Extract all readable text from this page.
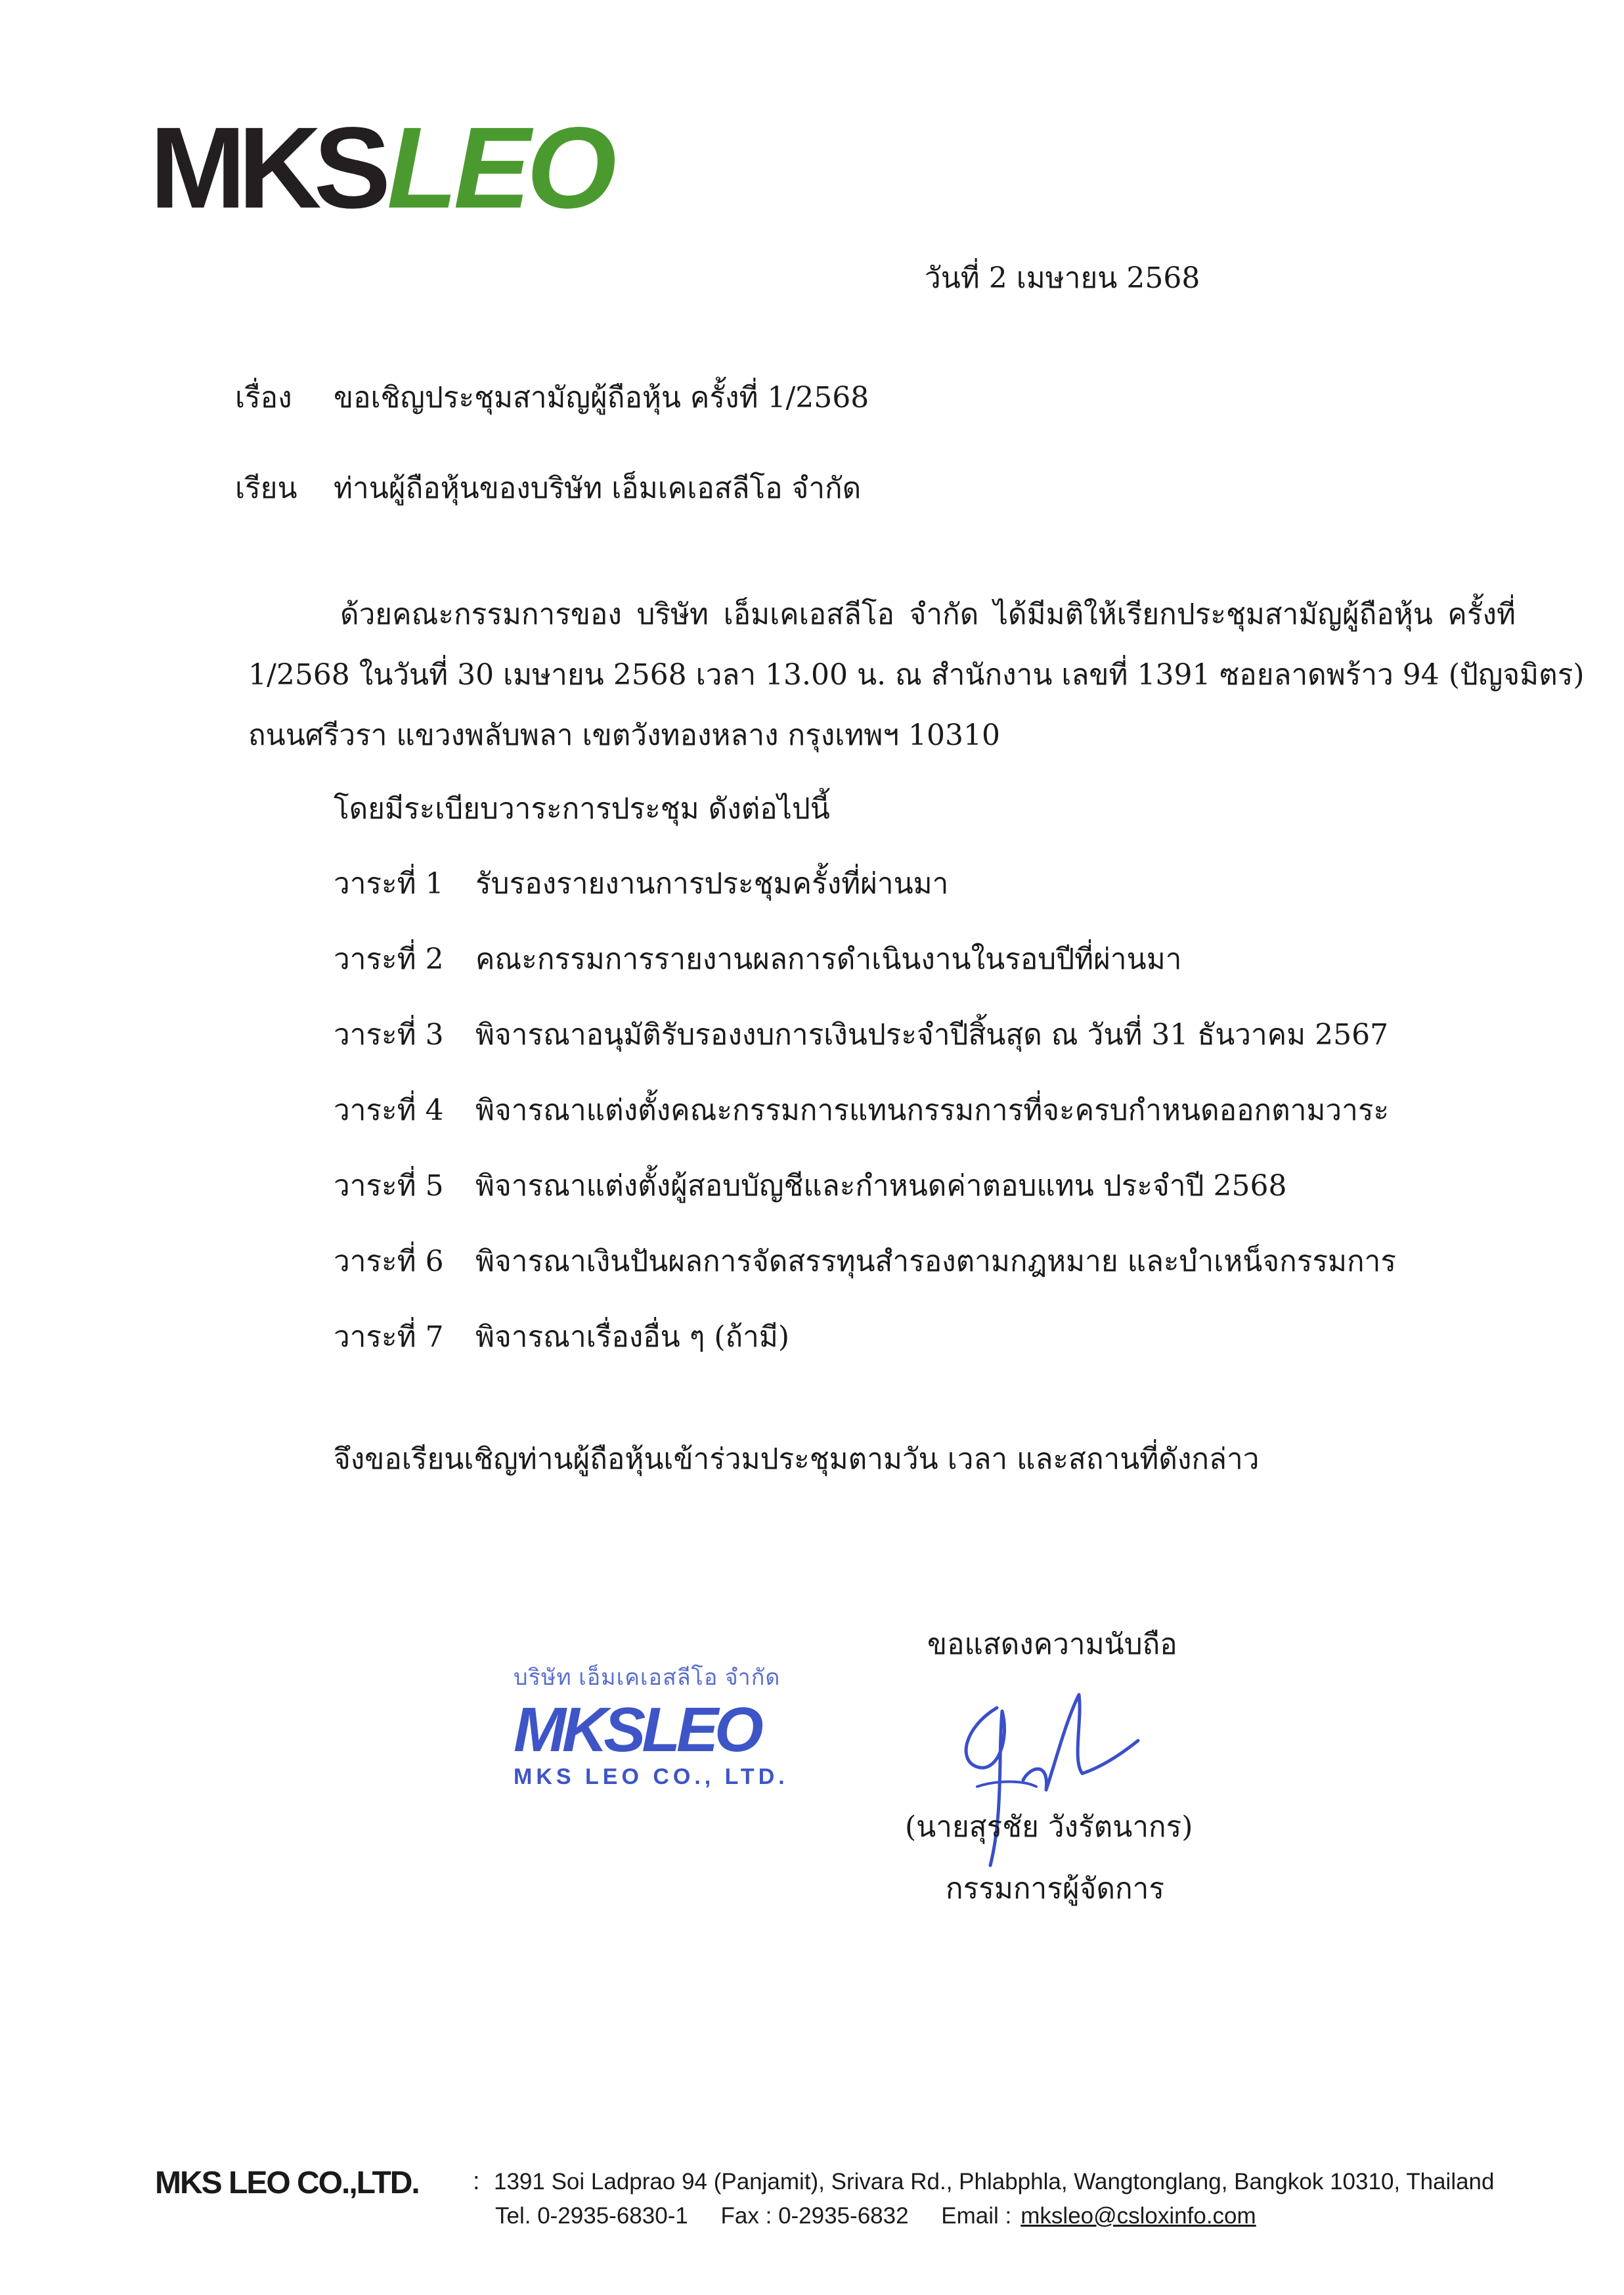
MKSLEO
วันที่ 2 เมษายน 2568
เรื่อง ขอเชิญประชุมสามัญผู้ถือหุ้น ครั้งที่ 1/2568
เรียน ท่านผู้ถือหุ้นของบริษัท เอ็มเคเอสลีโอ จำกัด
ด้วยคณะกรรมการของ บริษัท เอ็มเคเอสลีโอ จำกัด ได้มีมติให้เรียกประชุมสามัญผู้ถือหุ้น ครั้งที่
1/2568 ในวันที่ 30 เมษายน 2568 เวลา 13.00 น. ณ สำนักงาน เลขที่ 1391 ซอยลาดพร้าว 94 (ปัญจมิตร)
ถนนศรีวรา แขวงพลับพลา เขตวังทองหลาง กรุงเทพฯ 10310
โดยมีระเบียบวาระการประชุม ดังต่อไปนี้
วาระที่ 1	รับรองรายงานการประชุมครั้งที่ผ่านมา
วาระที่ 2	คณะกรรมการรายงานผลการดำเนินงานในรอบปีที่ผ่านมา
วาระที่ 3	พิจารณาอนุมัติรับรองงบการเงินประจำปีสิ้นสุด ณ วันที่ 31 ธันวาคม 2567
วาระที่ 4	พิจารณาแต่งตั้งคณะกรรมการแทนกรรมการที่จะครบกำหนดออกตามวาระ
วาระที่ 5	พิจารณาแต่งตั้งผู้สอบบัญชีและกำหนดค่าตอบแทน ประจำปี 2568
วาระที่ 6	พิจารณาเงินปันผลการจัดสรรทุนสำรองตามกฎหมาย และบำเหน็จกรรมการ
วาระที่ 7	พิจารณาเรื่องอื่น ๆ (ถ้ามี)
จึงขอเรียนเชิญท่านผู้ถือหุ้นเข้าร่วมประชุมตามวัน เวลา และสถานที่ดังกล่าว
ขอแสดงความนับถือ
บริษัท เอ็มเคเอสลีโอ จำกัด
MKSLEO
MKS LEO CO., LTD.
(นายสุรชัย วังรัตนากร)
กรรมการผู้จัดการ
MKS LEO CO.,LTD. : 1391 Soi Ladprao 94 (Panjamit), Srivara Rd., Phlabphla, Wangtonglang, Bangkok 10310, Thailand
Tel. 0-2935-6830-1 Fax : 0-2935-6832 Email : mksleo@csloxinfo.com
